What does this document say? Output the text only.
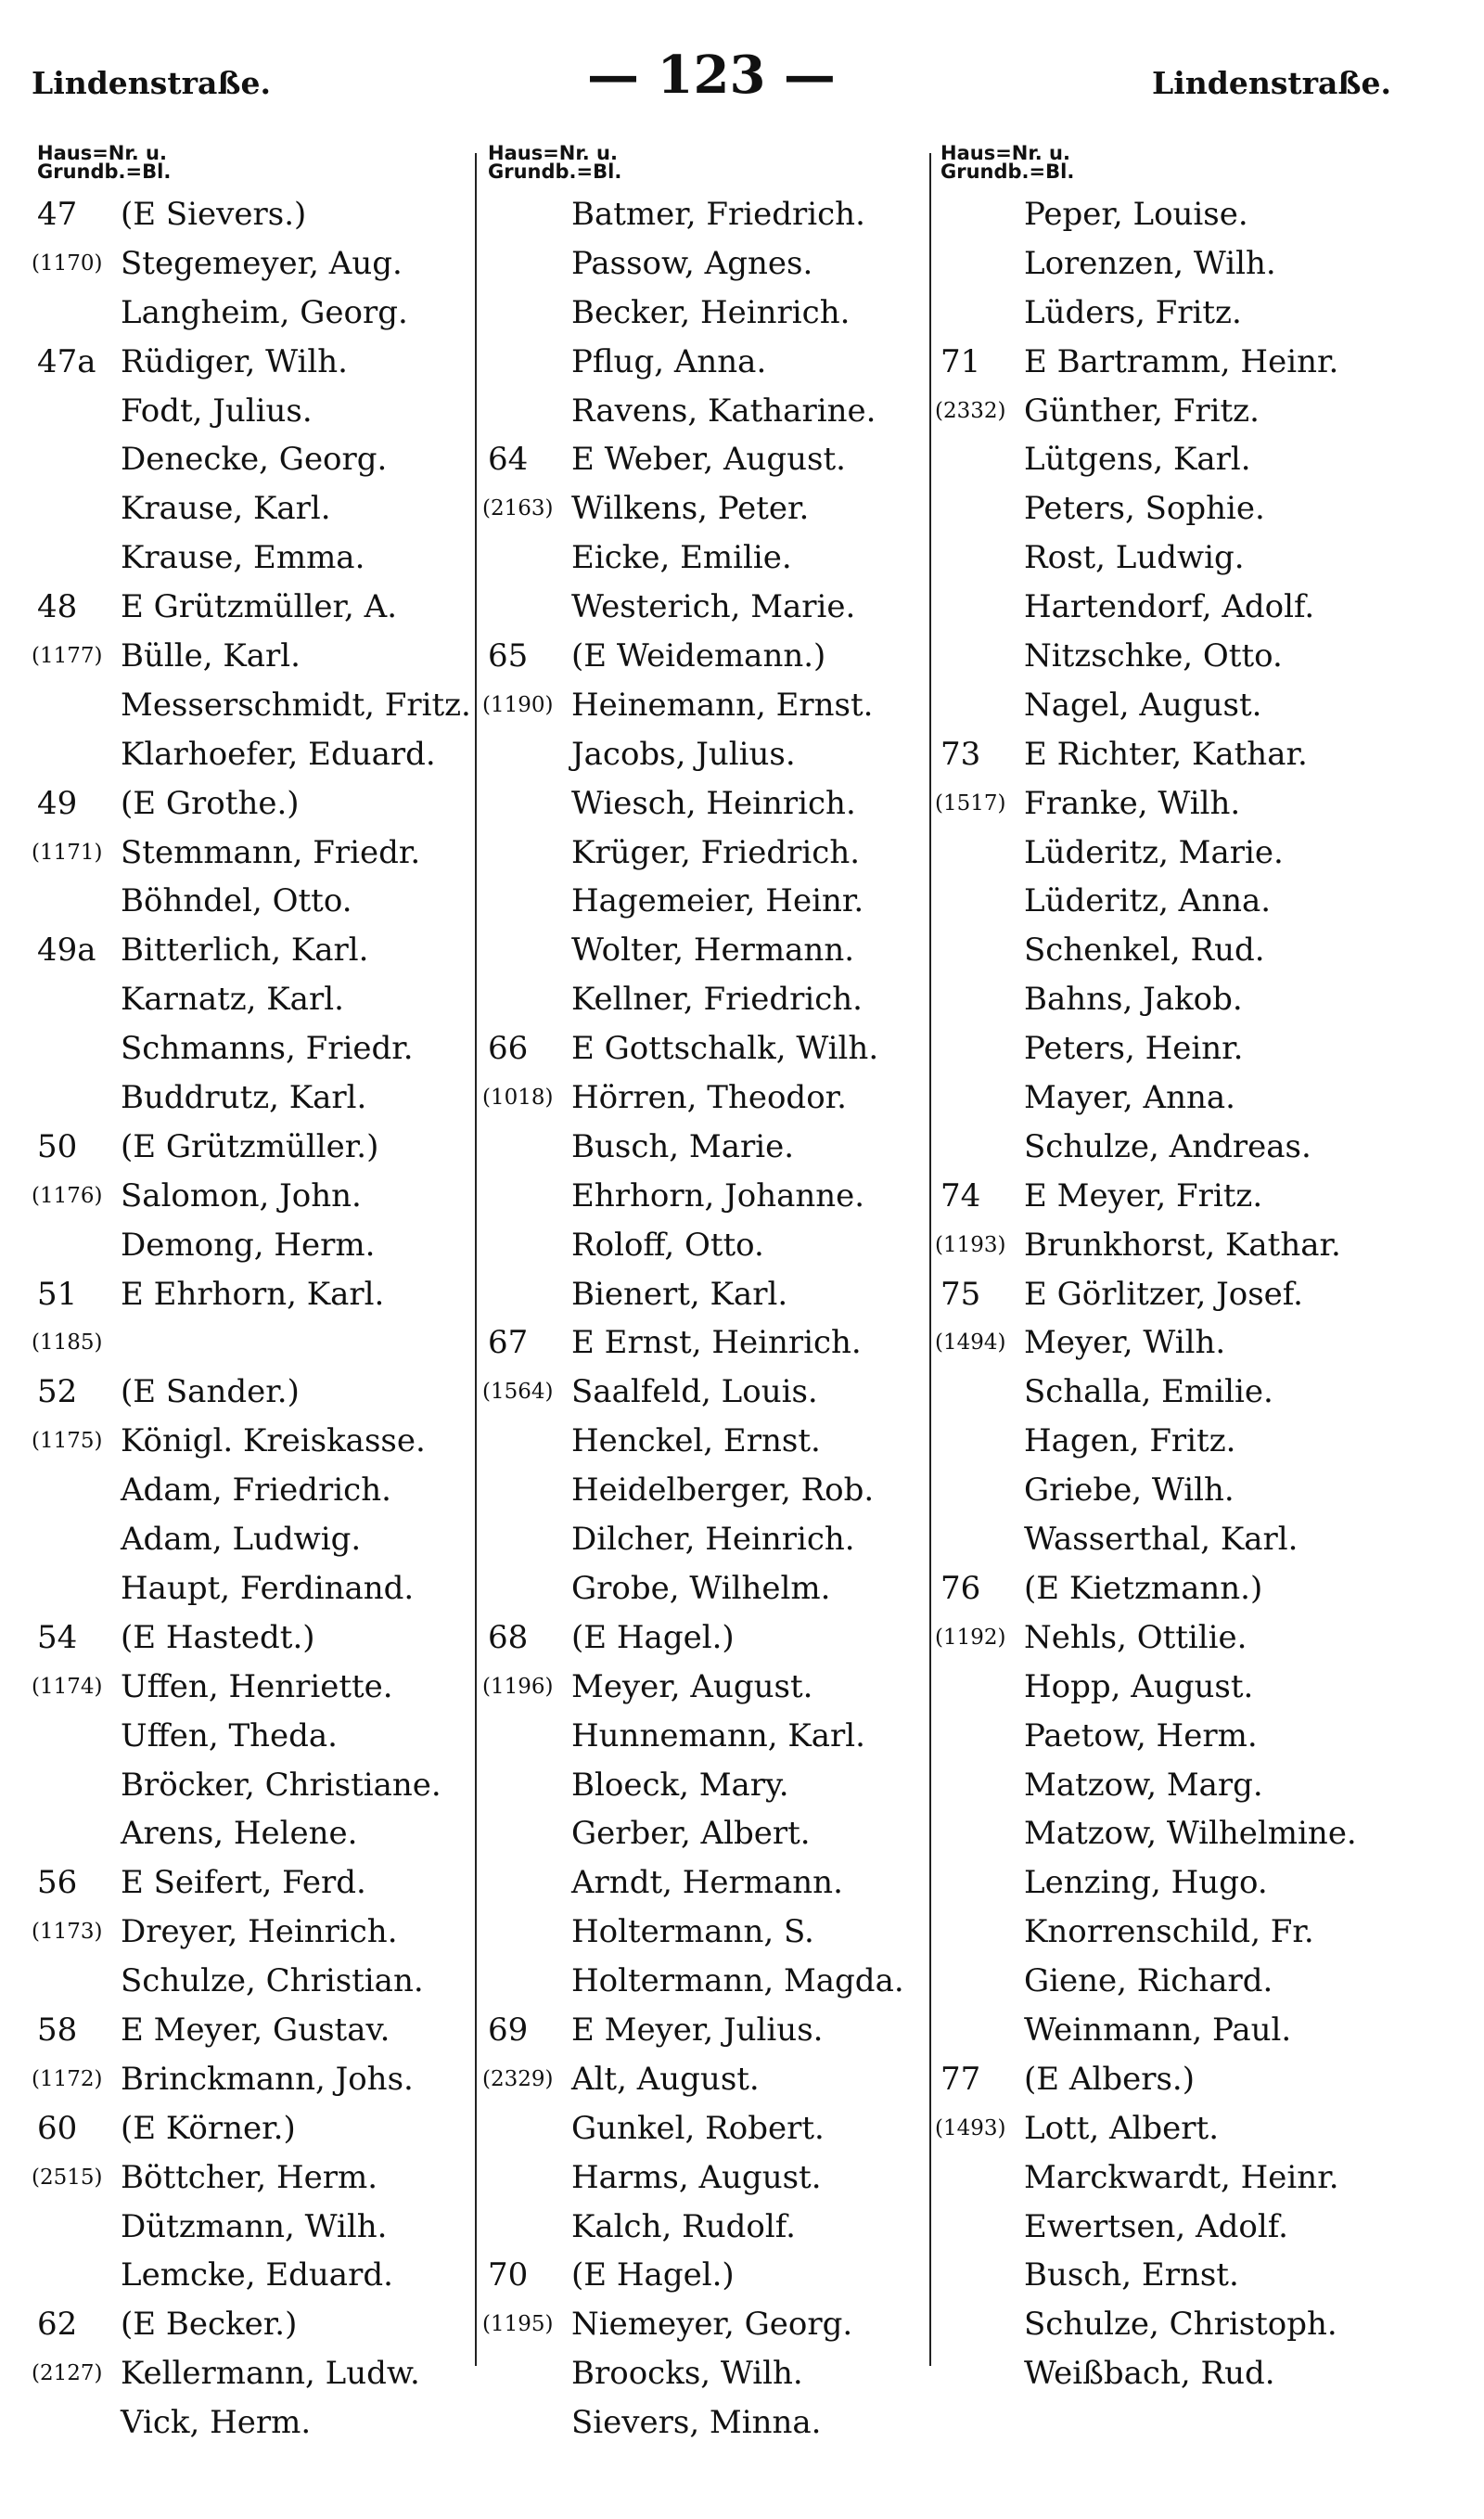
Lindenstraße.	— 123 —	Lindenstraße.
Haus=Nr. u.
Grundb.=Bl.
47 (E Sievers.)
(1170) Stegemeyer, Aug.
Langheim, Georg.
47a Rüdiger, Wilh.
Fodt, Julius.
Denecke, Georg.
Krause, Karl.
Krause, Emma.
48 E Grützmüller, A.
(1177) Bülle, Karl.
Messerschmidt, Fritz.
Klarhoefer, Eduard.
49 (E Grothe.)
(1171) Stemmann, Friedr.
Böhndel, Otto.
49a Bitterlich, Karl.
Karnatz, Karl.
Schmanns, Friedr.
Buddrutz, Karl.
50 (E Grützmüller.)
(1176) Salomon, John.
Demong, Herm.
51 E Ehrhorn, Karl.
(1185)
52 (E Sander.)
(1175) Königl. Kreiskasse.
Adam, Friedrich.
Adam, Ludwig.
Haupt, Ferdinand.
54 (E Hastedt.)
(1174) Uffen, Henriette.
Uffen, Theda.
Bröcker, Christiane.
Arens, Helene.
56 E Seifert, Ferd.
(1173) Dreyer, Heinrich.
Schulze, Christian.
58 E Meyer, Gustav.
(1172) Brinckmann, Johs.
60 (E Körner.)
(2515) Böttcher, Herm.
Dützmann, Wilh.
Lemcke, Eduard.
62 (E Becker.)
(2127) Kellermann, Ludw.
Vick, Herm.
Haus=Nr. u.
Grundb.=Bl.
Batmer, Friedrich.
Passow, Agnes.
Becker, Heinrich.
Pflug, Anna.
Ravens, Katharine.
64 E Weber, August.
(2163) Wilkens, Peter.
Eicke, Emilie.
Westerich, Marie.
65 (E Weidemann.)
(1190) Heinemann, Ernst.
Jacobs, Julius.
Wiesch, Heinrich.
Krüger, Friedrich.
Hagemeier, Heinr.
Wolter, Hermann.
Kellner, Friedrich.
66 E Gottschalk, Wilh.
(1018) Hörren, Theodor.
Busch, Marie.
Ehrhorn, Johanne.
Roloff, Otto.
Bienert, Karl.
67 E Ernst, Heinrich.
(1564) Saalfeld, Louis.
Henckel, Ernst.
Heidelberger, Rob.
Dilcher, Heinrich.
Grobe, Wilhelm.
68 (E Hagel.)
(1196) Meyer, August.
Hunnemann, Karl.
Bloeck, Mary.
Gerber, Albert.
Arndt, Hermann.
Holtermann, S.
Holtermann, Magda.
69 E Meyer, Julius.
(2329) Alt, August.
Gunkel, Robert.
Harms, August.
Kalch, Rudolf.
70 (E Hagel.)
(1195) Niemeyer, Georg.
Broocks, Wilh.
Sievers, Minna.
Haus=Nr. u.
Grundb.=Bl.
Peper, Louise.
Lorenzen, Wilh.
Lüders, Fritz.
71 E Bartramm, Heinr.
(2332) Günther, Fritz.
Lütgens, Karl.
Peters, Sophie.
Rost, Ludwig.
Hartendorf, Adolf.
Nitzschke, Otto.
Nagel, August.
73 E Richter, Kathar.
(1517) Franke, Wilh.
Lüderitz, Marie.
Lüderitz, Anna.
Schenkel, Rud.
Bahns, Jakob.
Peters, Heinr.
Mayer, Anna.
Schulze, Andreas.
74 E Meyer, Fritz.
(1193) Brunkhorst, Kathar.
75 E Görlitzer, Josef.
(1494) Meyer, Wilh.
Schalla, Emilie.
Hagen, Fritz.
Griebe, Wilh.
Wasserthal, Karl.
76 (E Kietzmann.)
(1192) Nehls, Ottilie.
Hopp, August.
Paetow, Herm.
Matzow, Marg.
Matzow, Wilhelmine.
Lenzing, Hugo.
Knorrenschild, Fr.
Giene, Richard.
Weinmann, Paul.
77 (E Albers.)
(1493) Lott, Albert.
Marckwardt, Heinr.
Ewertsen, Adolf.
Busch, Ernst.
Schulze, Christoph.
Weißbach, Rud.
